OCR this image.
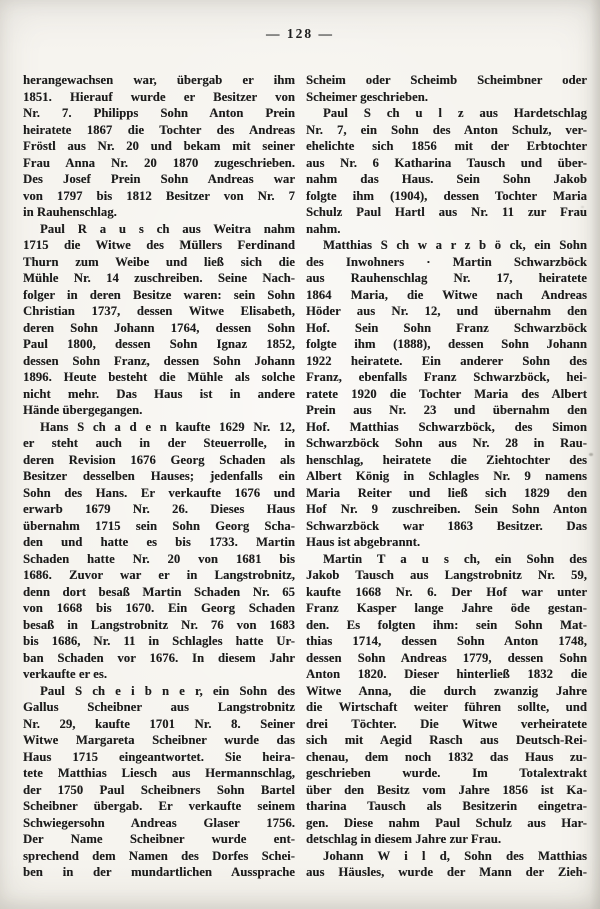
— 128 —
herangewachsen war, übergab er ihm
1851. Hierauf wurde er Besitzer von
Nr. 7. Philipps Sohn Anton Prein
heiratete 1867 die Tochter des Andreas
Fröstl aus Nr. 20 und bekam mit seiner
Frau Anna Nr. 20 1870 zugeschrieben.
Des Josef Prein Sohn Andreas war
von 1797 bis 1812 Besitzer von Nr. 7
in Rauhenschlag.
Paul R a u s ch aus Weitra nahm
1715 die Witwe des Müllers Ferdinand
Thurn zum Weibe und ließ sich die
Mühle Nr. 14 zuschreiben. Seine Nach-
folger in deren Besitze waren: sein Sohn
Christian 1737, dessen Witwe Elisabeth,
deren Sohn Johann 1764, dessen Sohn
Paul 1800, dessen Sohn Ignaz 1852,
dessen Sohn Franz, dessen Sohn Johann
1896. Heute besteht die Mühle als solche
nicht mehr. Das Haus ist in andere
Hände übergegangen.
Hans S ch a d e n kaufte 1629 Nr. 12,
er steht auch in der Steuerrolle, in
deren Revision 1676 Georg Schaden als
Besitzer desselben Hauses; jedenfalls ein
Sohn des Hans. Er verkaufte 1676 und
erwarb 1679 Nr. 26. Dieses Haus
übernahm 1715 sein Sohn Georg Scha-
den und hatte es bis 1733. Martin
Schaden hatte Nr. 20 von 1681 bis
1686. Zuvor war er in Langstrobnitz,
denn dort besaß Martin Schaden Nr. 65
von 1668 bis 1670. Ein Georg Schaden
besaß in Langstrobnitz Nr. 76 von 1683
bis 1686, Nr. 11 in Schlagles hatte Ur-
ban Schaden vor 1676. In diesem Jahr
verkaufte er es.
Paul S ch e i b n e r, ein Sohn des
Gallus Scheibner aus Langstrobnitz
Nr. 29, kaufte 1701 Nr. 8. Seiner
Witwe Margareta Scheibner wurde das
Haus 1715 eingeantwortet. Sie heira-
tete Matthias Liesch aus Hermannschlag,
der 1750 Paul Scheibners Sohn Bartel
Scheibner übergab. Er verkaufte seinem
Schwiegersohn Andreas Glaser 1756.
Der Name Scheibner wurde ent-
sprechend dem Namen des Dorfes Schei-
ben in der mundartlichen Aussprache
Scheim oder Scheimb Scheimbner oder
Scheimer geschrieben.
Paul S ch u l z aus Hardetschlag
Nr. 7, ein Sohn des Anton Schulz, ver-
ehelichte sich 1856 mit der Erbtochter
aus Nr. 6 Katharina Tausch und über-
nahm das Haus. Sein Sohn Jakob
folgte ihm (1904), dessen Tochter Maria
Schulz Paul Hartl aus Nr. 11 zur Frau
nahm.
Matthias S ch w a r z b ö ck, ein Sohn
des Inwohners · Martin Schwarzböck
aus Rauhenschlag Nr. 17, heiratete
1864 Maria, die Witwe nach Andreas
Höder aus Nr. 12, und übernahm den
Hof. Sein Sohn Franz Schwarzböck
folgte ihm (1888), dessen Sohn Johann
1922 heiratete. Ein anderer Sohn des
Franz, ebenfalls Franz Schwarzböck, hei-
ratete 1920 die Tochter Maria des Albert
Prein aus Nr. 23 und übernahm den
Hof. Matthias Schwarzböck, des Simon
Schwarzböck Sohn aus Nr. 28 in Rau-
henschlag, heiratete die Ziehtochter des
Albert König in Schlagles Nr. 9 namens
Maria Reiter und ließ sich 1829 den
Hof Nr. 9 zuschreiben. Sein Sohn Anton
Schwarzböck war 1863 Besitzer. Das
Haus ist abgebrannt.
Martin T a u s ch, ein Sohn des
Jakob Tausch aus Langstrobnitz Nr. 59,
kaufte 1668 Nr. 6. Der Hof war unter
Franz Kasper lange Jahre öde gestan-
den. Es folgten ihm: sein Sohn Mat-
thias 1714, dessen Sohn Anton 1748,
dessen Sohn Andreas 1779, dessen Sohn
Anton 1820. Dieser hinterließ 1832 die
Witwe Anna, die durch zwanzig Jahre
die Wirtschaft weiter führen sollte, und
drei Töchter. Die Witwe verheiratete
sich mit Aegid Rasch aus Deutsch-Rei-
chenau, dem noch 1832 das Haus zu-
geschrieben wurde. Im Totalextrakt
über den Besitz vom Jahre 1856 ist Ka-
tharina Tausch als Besitzerin eingetra-
gen. Diese nahm Paul Schulz aus Har-
detschlag in diesem Jahre zur Frau.
Johann W i l d, Sohn des Matthias
aus Häusles, wurde der Mann der Zieh-
